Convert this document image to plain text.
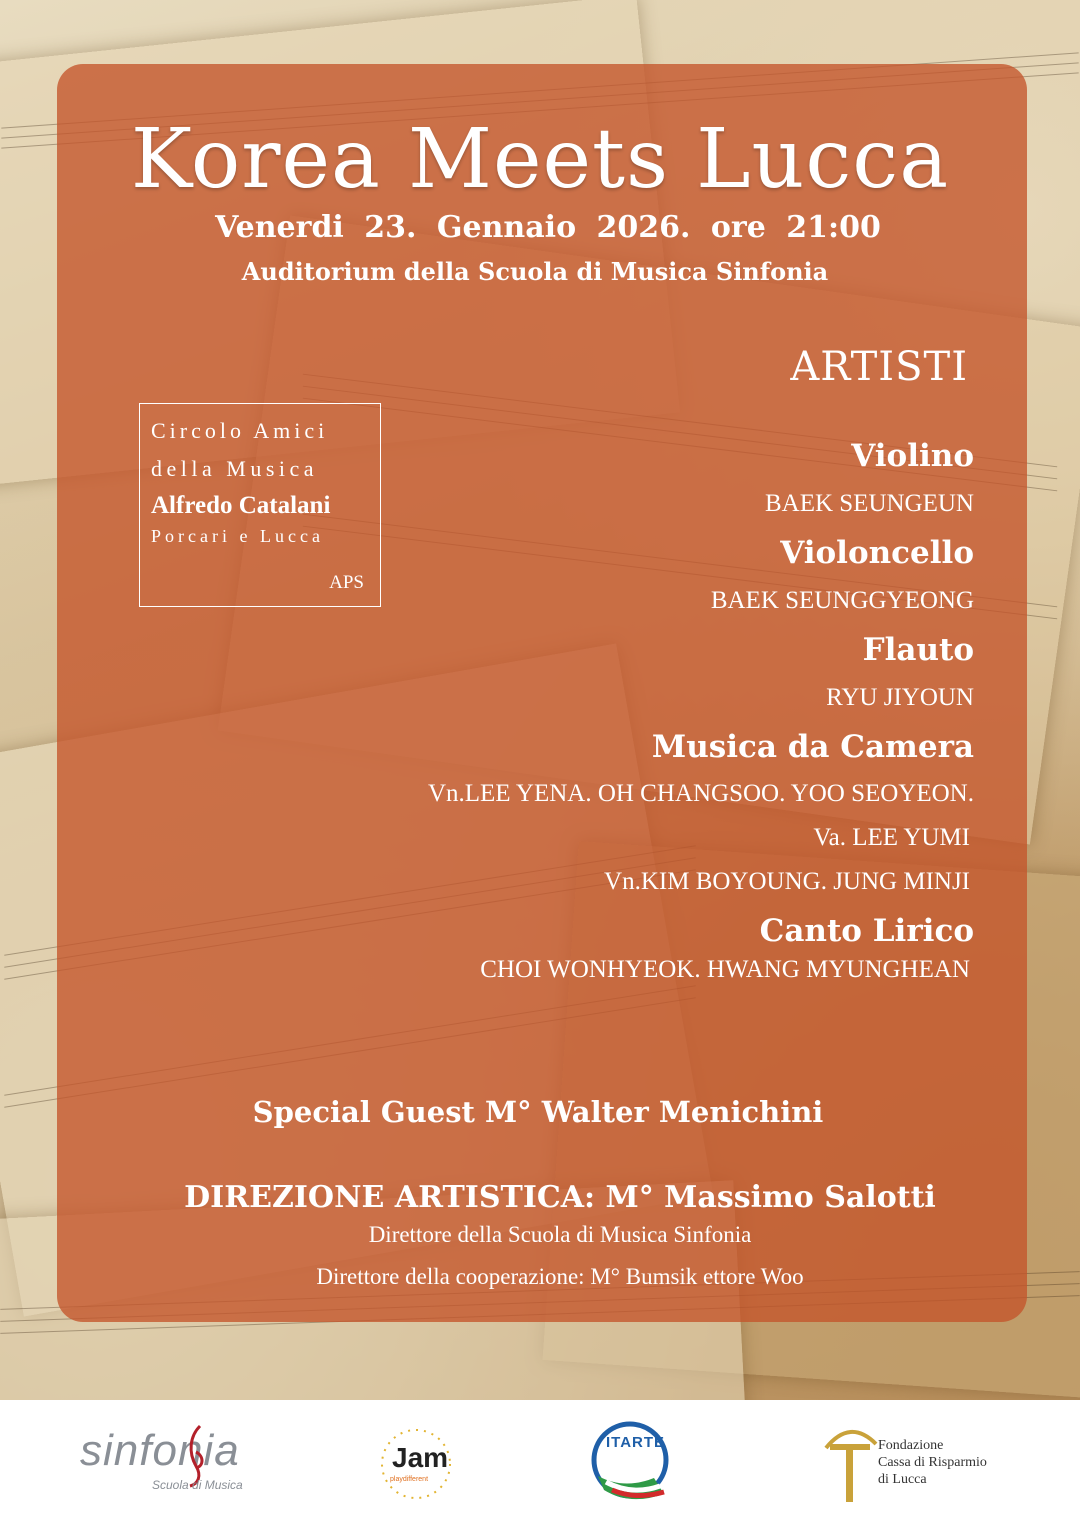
Korea Meets Lucca
Venerdi 23. Gennaio 2026. ore 21:00
Auditorium della Scuola di Musica Sinfonia
Circolo Amici
della Musica
Alfredo Catalani
Porcari e Lucca
APS
ARTISTI
Violino
BAEK SEUNGEUN
Violoncello
BAEK SEUNGGYEONG
Flauto
RYU JIYOUN
Musica da Camera
Vn.LEE YENA. OH CHANGSOO. YOO SEOYEON.
Va. LEE YUMI
Vn.KIM BOYOUNG. JUNG MINJI
Canto Lirico
CHOI WONHYEOK. HWANG MYUNGHEAN
Special Guest M° Walter Menichini
DIREZIONE ARTISTICA: M° Massimo Salotti
Direttore della Scuola di Musica Sinfonia
Direttore della cooperazione: M° Bumsik ettore Woo
sinfonia
Scuola di Musica
Jam
playdifferent
ITARTE	Fondazione
Cassa di Risparmio
di Lucca
